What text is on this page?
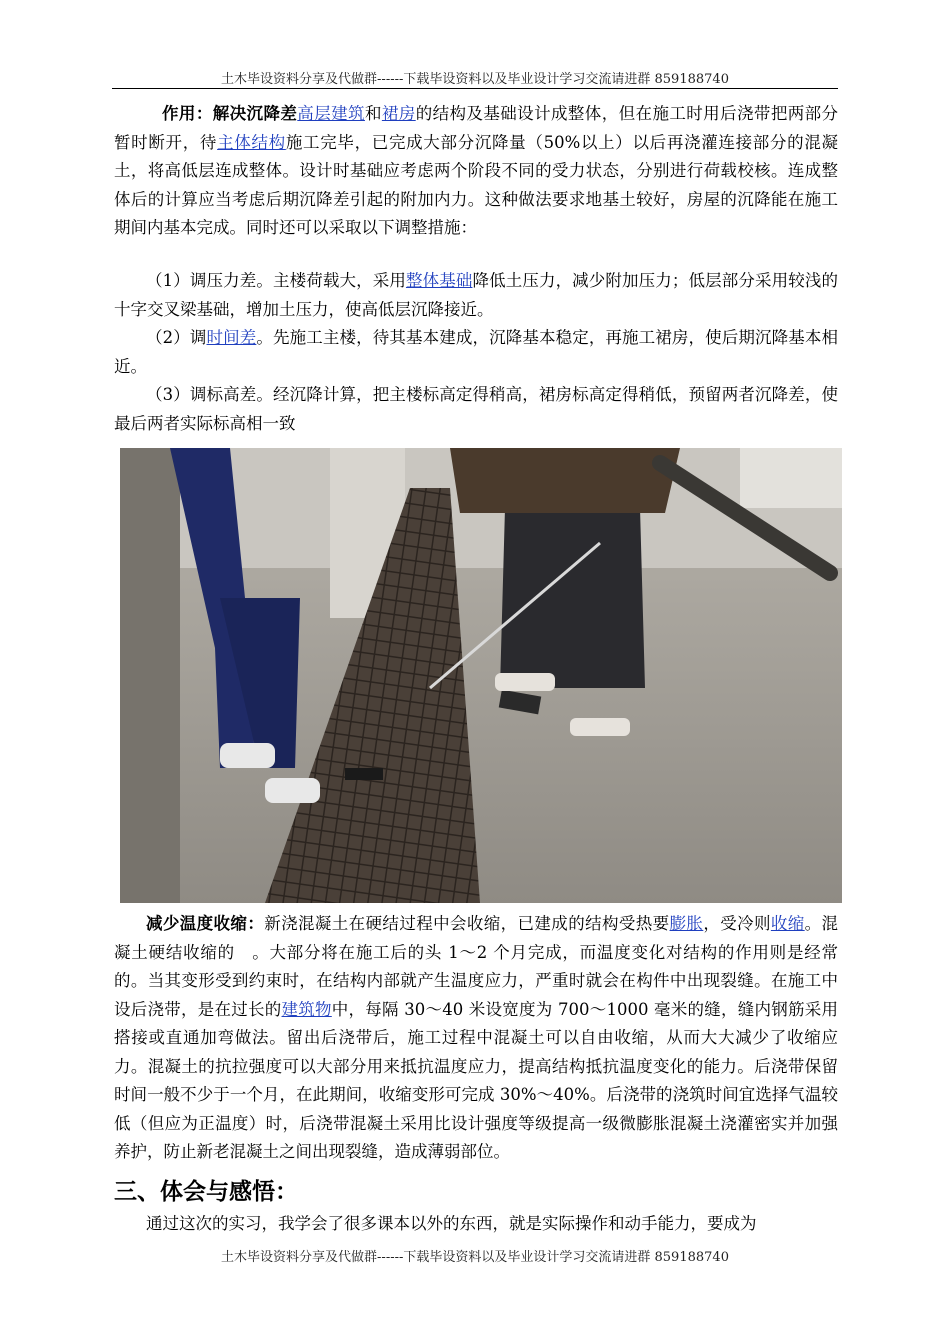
土木毕设资料分享及代做群------下载毕设资料以及毕业设计学习交流请进群 859188740
作用：解决沉降差高层建筑和裙房的结构及基础设计成整体，但在施工时用后浇带把两部分暂时断开，待主体结构施工完毕，已完成大部分沉降量（50%以上）以后再浇灌连接部分的混凝土，将高低层连成整体。设计时基础应考虑两个阶段不同的受力状态，分别进行荷载校核。连成整体后的计算应当考虑后期沉降差引起的附加内力。这种做法要求地基土较好，房屋的沉降能在施工期间内基本完成。同时还可以采取以下调整措施：
（1）调压力差。主楼荷载大，采用整体基础降低土压力，减少附加压力；低层部分采用较浅的十字交叉梁基础，增加土压力，使高低层沉降接近。
（2）调时间差。先施工主楼，待其基本建成，沉降基本稳定，再施工裙房，使后期沉降基本相近。
（3）调标高差。经沉降计算，把主楼标高定得稍高，裙房标高定得稍低，预留两者沉降差，使最后两者实际标高相一致
减少温度收缩：新浇混凝土在硬结过程中会收缩，已建成的结构受热要膨胀，受冷则收缩。混凝土硬结收缩的　。大部分将在施工后的头 1～2 个月完成，而温度变化对结构的作用则是经常的。当其变形受到约束时，在结构内部就产生温度应力，严重时就会在构件中出现裂缝。在施工中设后浇带，是在过长的建筑物中，每隔 30～40 米设宽度为 700～1000 毫米的缝，缝内钢筋采用搭接或直通加弯做法。留出后浇带后，施工过程中混凝土可以自由收缩，从而大大减少了收缩应力。混凝土的抗拉强度可以大部分用来抵抗温度应力，提高结构抵抗温度变化的能力。后浇带保留时间一般不少于一个月，在此期间，收缩变形可完成 30%～40%。后浇带的浇筑时间宜选择气温较低（但应为正温度）时，后浇带混凝土采用比设计强度等级提高一级微膨胀混凝土浇灌密实并加强养护，防止新老混凝土之间出现裂缝，造成薄弱部位。
三、体会与感悟：
通过这次的实习，我学会了很多课本以外的东西，就是实际操作和动手能力，要成为
土木毕设资料分享及代做群------下载毕设资料以及毕业设计学习交流请进群 859188740
